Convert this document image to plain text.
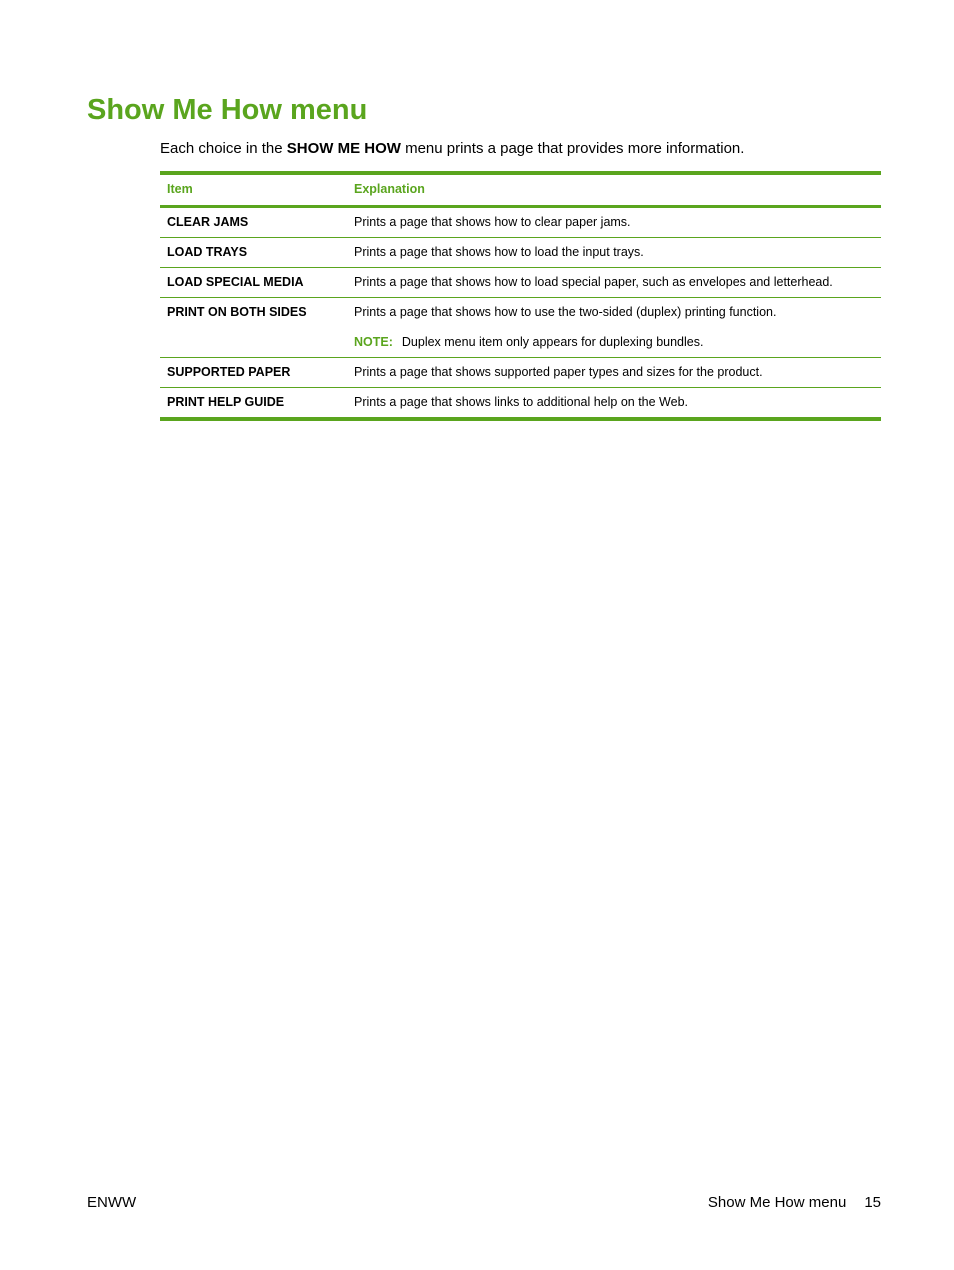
Show Me How menu

Each choice in the SHOW ME HOW menu prints a page that provides more information.

Item	Explanation
CLEAR JAMS	Prints a page that shows how to clear paper jams.
LOAD TRAYS	Prints a page that shows how to load the input trays.
LOAD SPECIAL MEDIA	Prints a page that shows how to load special paper, such as envelopes and letterhead.
PRINT ON BOTH SIDES	Prints a page that shows how to use the two-sided (duplex) printing function.
NOTE: Duplex menu item only appears for duplexing bundles.

SUPPORTED PAPER	Prints a page that shows supported paper types and sizes for the product.
PRINT HELP GUIDE	Prints a page that shows links to additional help on the Web.
ENWW	Show Me How menu 15
